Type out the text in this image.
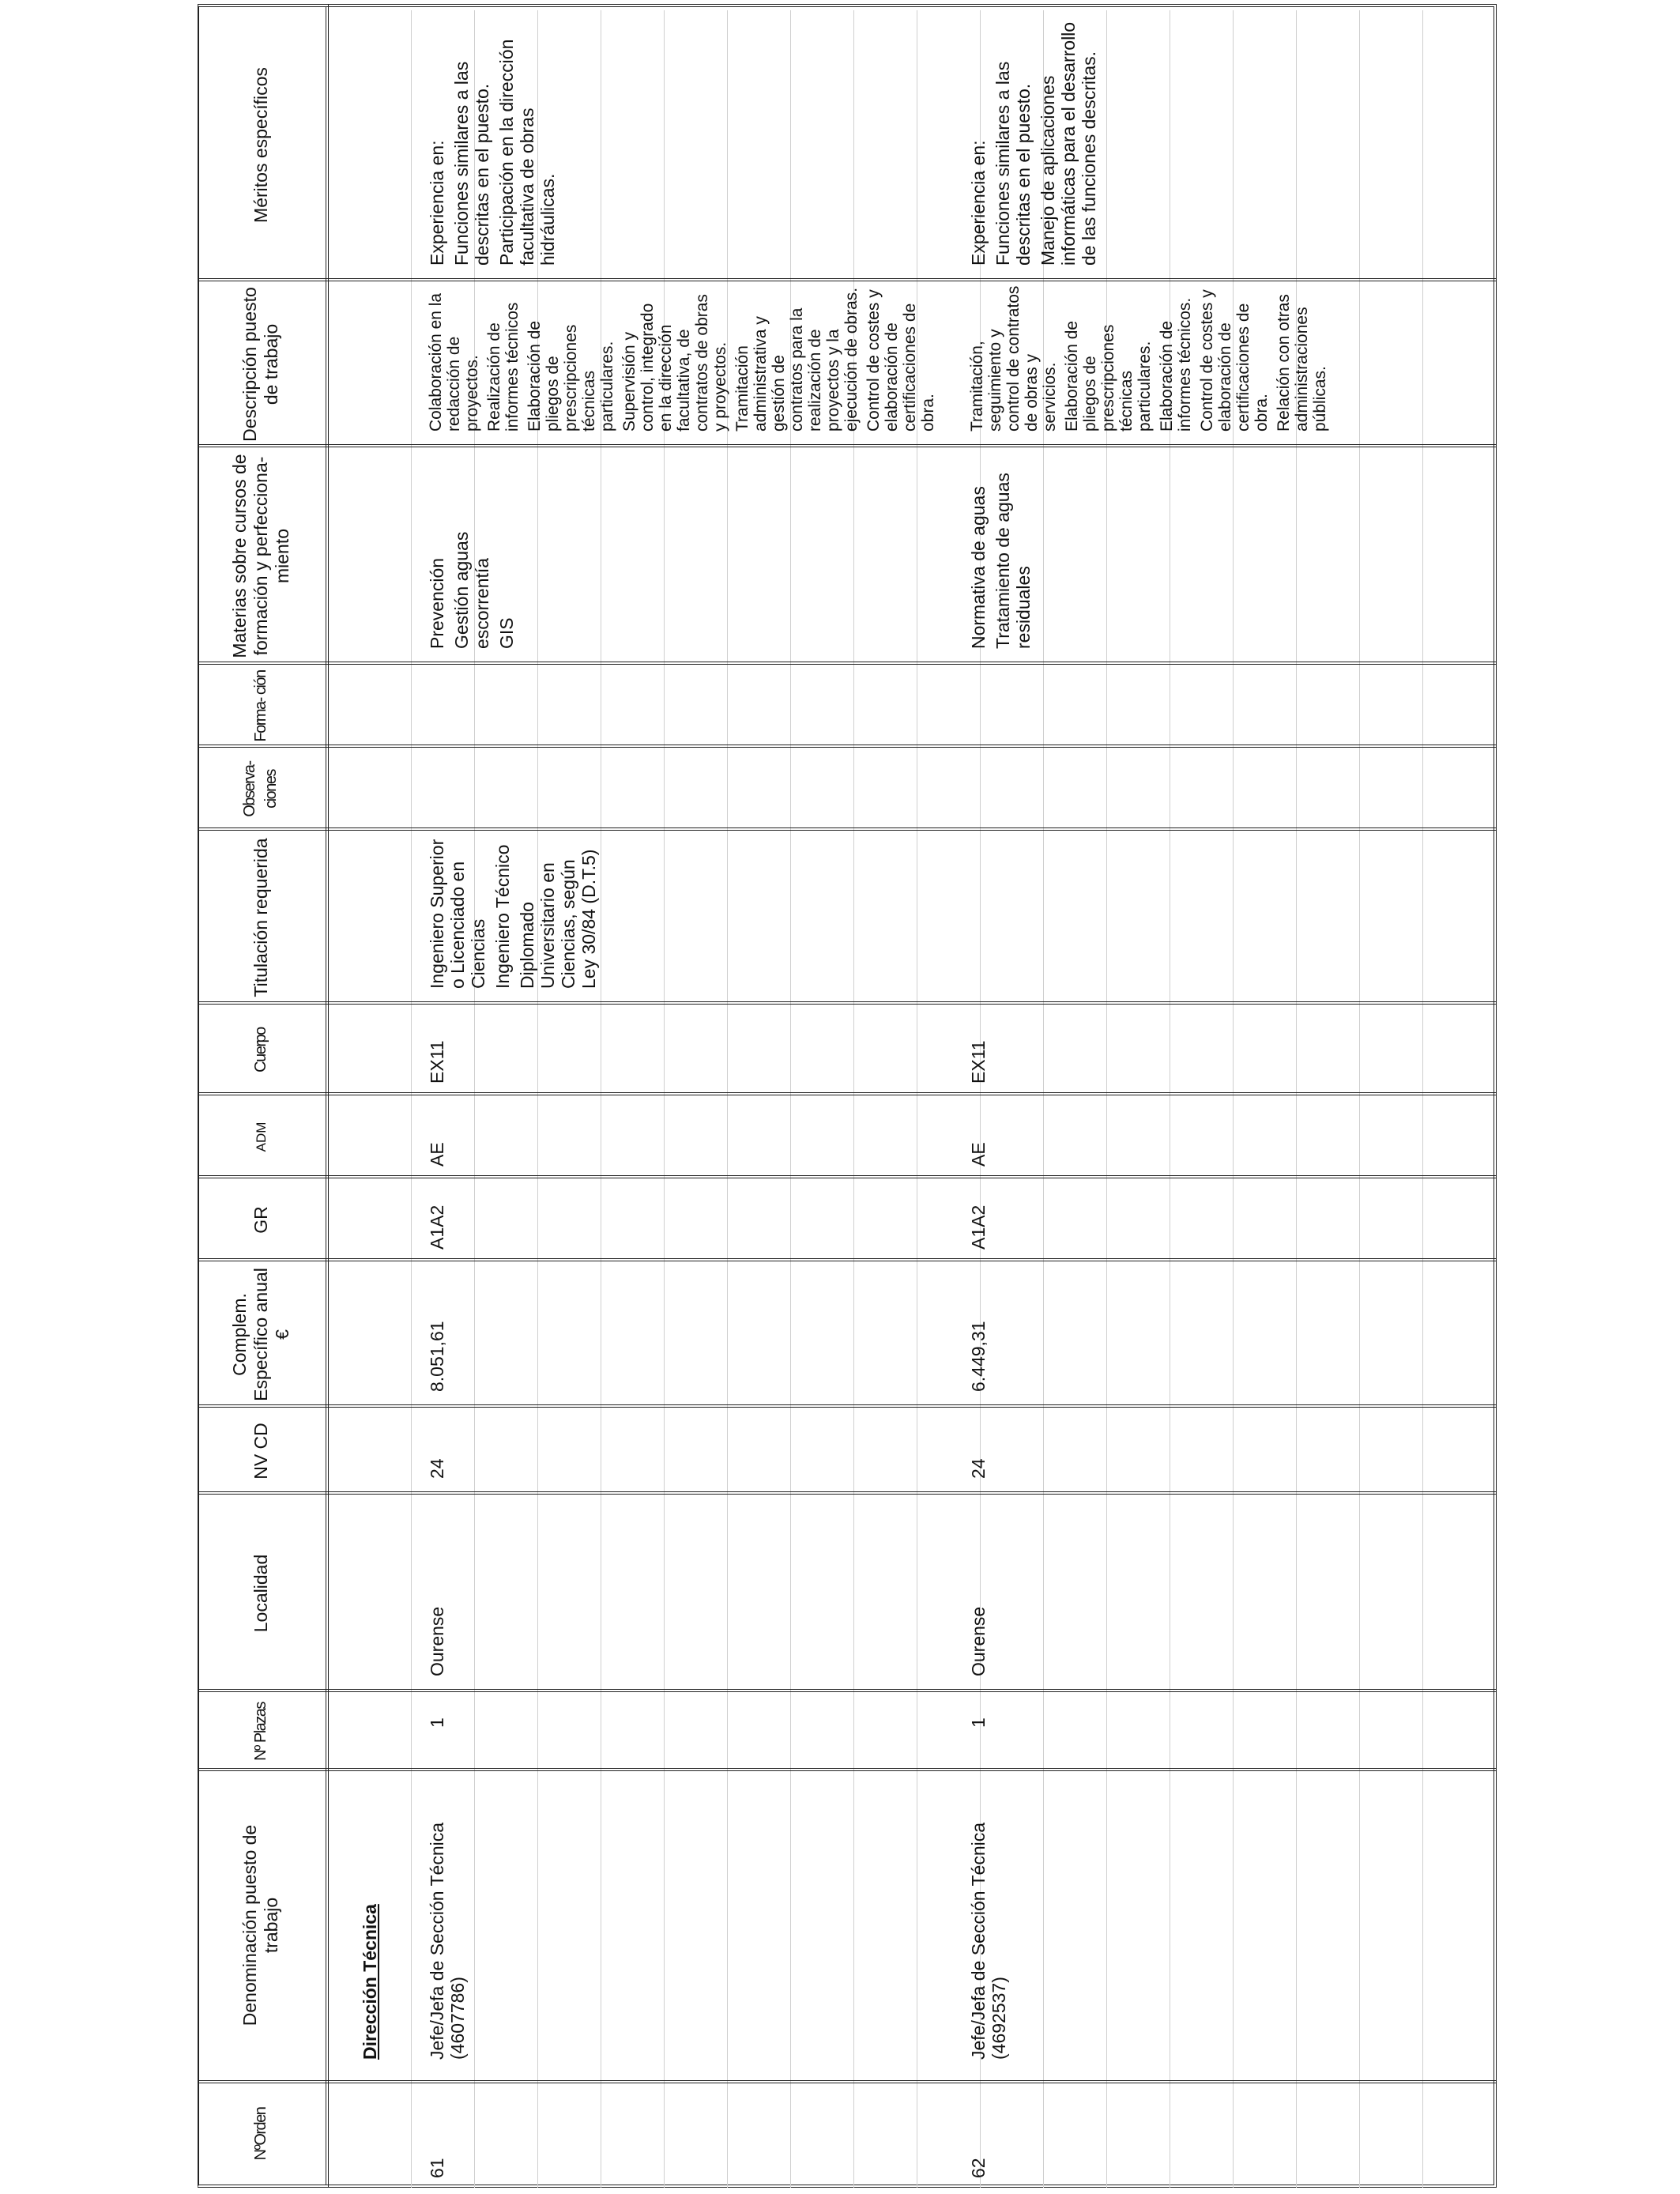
NºOrden
Denominación puesto de trabajo
Nº Plazas
Localidad
NV CD
Complem. Específico anual €
GR
ADM
Cuerpo
Titulación requerida
Observa- ciones
Forma- ción
Materias sobre cursos de formación y perfecciona- miento
Descripción puesto de trabajo
Méritos específicos
Dirección Técnica
61
Jefe/Jefa de Sección Técnica (4607786)
1
Ourense
24
8.051,61
A1A2
AE
EX11

Ingeniero Superior o Licenciado en Ciencias Ingeniero Técnico Diplomado Universitario en Ciencias, según Ley 30/84 (D.T.5)

Prevención Gestión aguas escorrentía GIS

Colaboración en la redacción de proyectos. Realización de informes técnicos Elaboración de pliegos de prescripciones técnicas particulares. Supervisión y control, integrado en la dirección facultativa, de contratos de obras y proyectos. Tramitación administrativa y gestión de contratos para la realización de proyectos y la ejecución de obras. Control de costes y elaboración de certificaciones de obra.

Experiencia en: Funciones similares a las descritas en el puesto. Participación en la dirección facultativa de obras hidráulicas.

62
Jefe/Jefa de Sección Técnica (4692537)
1
Ourense
24
6.449,31
A1A2
AE
EX11

Normativa de aguas Tratamiento de aguas residuales

Tramitación, seguimiento y control de contratos de obras y servicios. Elaboración de pliegos de prescripciones técnicas particulares. Elaboración de informes técnicos. Control de costes y elaboración de certificaciones de obra. Relación con otras administraciones públicas.

Experiencia en: Funciones similares a las descritas en el puesto. Manejo de aplicaciones informáticas para el desarrollo de las funciones descritas.
